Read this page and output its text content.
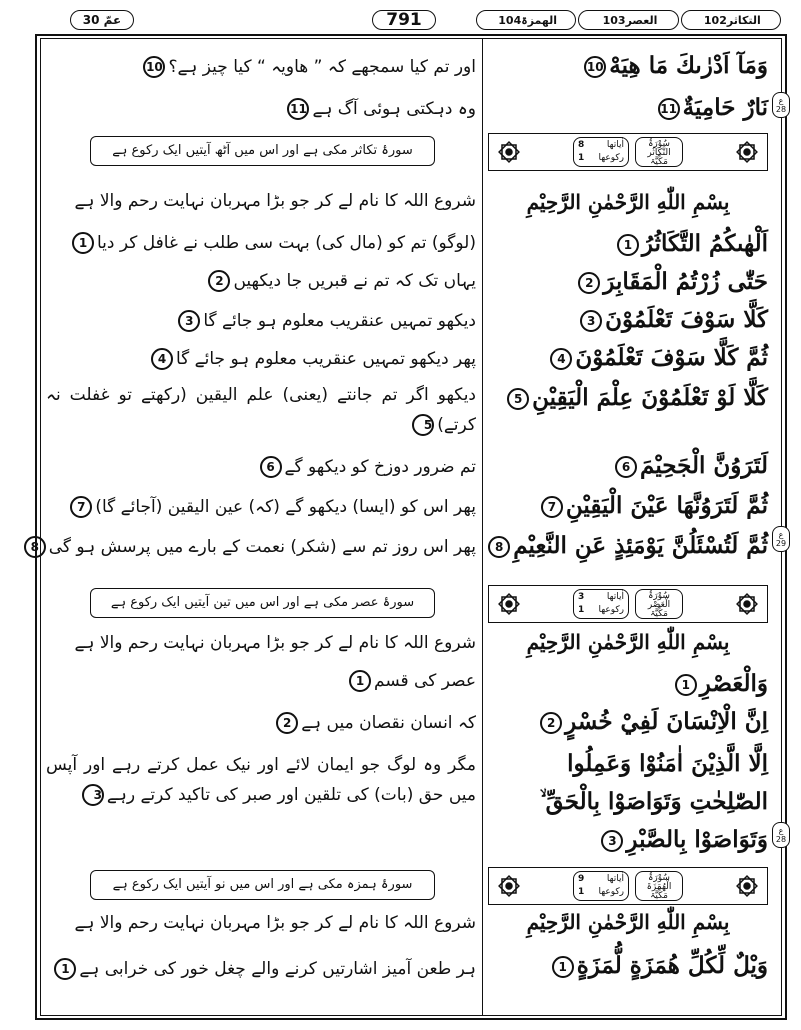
عمّ 30	791	التکاثر
102
العصر
103
الھمزۃ
104
ع
28
ع
29
ع
28
وَمَآ اَدْرٰىكَ مَا هِيَهْ10
اور تم کیا سمجھے کہ ” ھاویہ “ کیا چیز ہے؟10
نَارٌ حَامِيَةٌ11
وہ دہکتی ہوئی آگ ہے11
سورۂ تکاثر مکی ہے اور اس میں آٹھ آیتیں ایک رکوع ہے	سُوْرَۃُ
التَّکَاثُر
مَکِّیَّۃ
اٰیاتھا
8
رکوعھا
1
بِسْمِ اللّٰهِ الرَّحْمٰنِ الرَّحِيْمِ
شروع اللہ کا نام لے کر جو بڑا مہربان نہایت رحم والا ہے
اَلْهٰىكُمُ التَّكَاثُرُ1
(لوگو) تم کو (مال کی) بہت سی طلب نے غافل کر دیا1
حَتّٰى زُرْتُمُ الْمَقَابِرَ2
یہاں تک کہ تم نے قبریں جا دیکھیں2
كَلَّا سَوْفَ تَعْلَمُوْنَ3
دیکھو تمہیں عنقریب معلوم ہو جائے گا3
ثُمَّ كَلَّا سَوْفَ تَعْلَمُوْنَ4
پھر دیکھو تمہیں عنقریب معلوم ہو جائے گا4
كَلَّا لَوْ تَعْلَمُوْنَ عِلْمَ الْيَقِيْنِ5
دیکھو اگر تم جانتے (یعنی) علم الیقین (رکھتے تو غفلت نہ کرتے)5
لَتَرَوُنَّ الْجَحِيْمَ6
تم ضرور دوزخ کو دیکھو گے6
ثُمَّ لَتَرَوُنَّهَا عَيْنَ الْيَقِيْنِ7
پھر اس کو (ایسا) دیکھو گے (کہ) عین الیقین (آجائے گا)7
ثُمَّ لَتُسْئَلُنَّ يَوْمَئِذٍ عَنِ النَّعِيْمِ8
پھر اس روز تم سے (شکر) نعمت کے بارے میں پرسش ہو گی8
سورۂ عصر مکی ہے اور اس میں تین آیتیں ایک رکوع ہے	سُوْرَۃُ
الْعَصْر
مَکِّیَّۃ
اٰیاتھا
3
رکوعھا
1
بِسْمِ اللّٰهِ الرَّحْمٰنِ الرَّحِيْمِ
شروع اللہ کا نام لے کر جو بڑا مہربان نہایت رحم والا ہے
وَالْعَصْرِ1
عصر کی قسم1
اِنَّ الْاِنْسَانَ لَفِيْ خُسْرٍ2
کہ انسان نقصان میں ہے2
اِلَّا الَّذِيْنَ اٰمَنُوْا وَعَمِلُوا الصّٰلِحٰتِ وَتَوَاصَوْا بِالْحَقِّ ۙ وَتَوَاصَوْا بِالصَّبْرِ3
مگر وہ لوگ جو ایمان لائے اور نیک عمل کرتے رہے اور آپس میں حق (بات) کی تلقین اور صبر کی تاکید کرتے رہے3
سورۂ ہمزہ مکی ہے اور اس میں نو آیتیں ایک رکوع ہے	سُوْرَۃُ
الْھُمَزَۃ
مَکِّیَّۃ
اٰیاتھا
9
رکوعھا
1
بِسْمِ اللّٰهِ الرَّحْمٰنِ الرَّحِيْمِ
شروع اللہ کا نام لے کر جو بڑا مہربان نہایت رحم والا ہے
وَيْلٌ لِّكُلِّ هُمَزَةٍ لُّمَزَةٍ1
ہر طعن آمیز اشارتیں کرنے والے چغل خور کی خرابی ہے1
